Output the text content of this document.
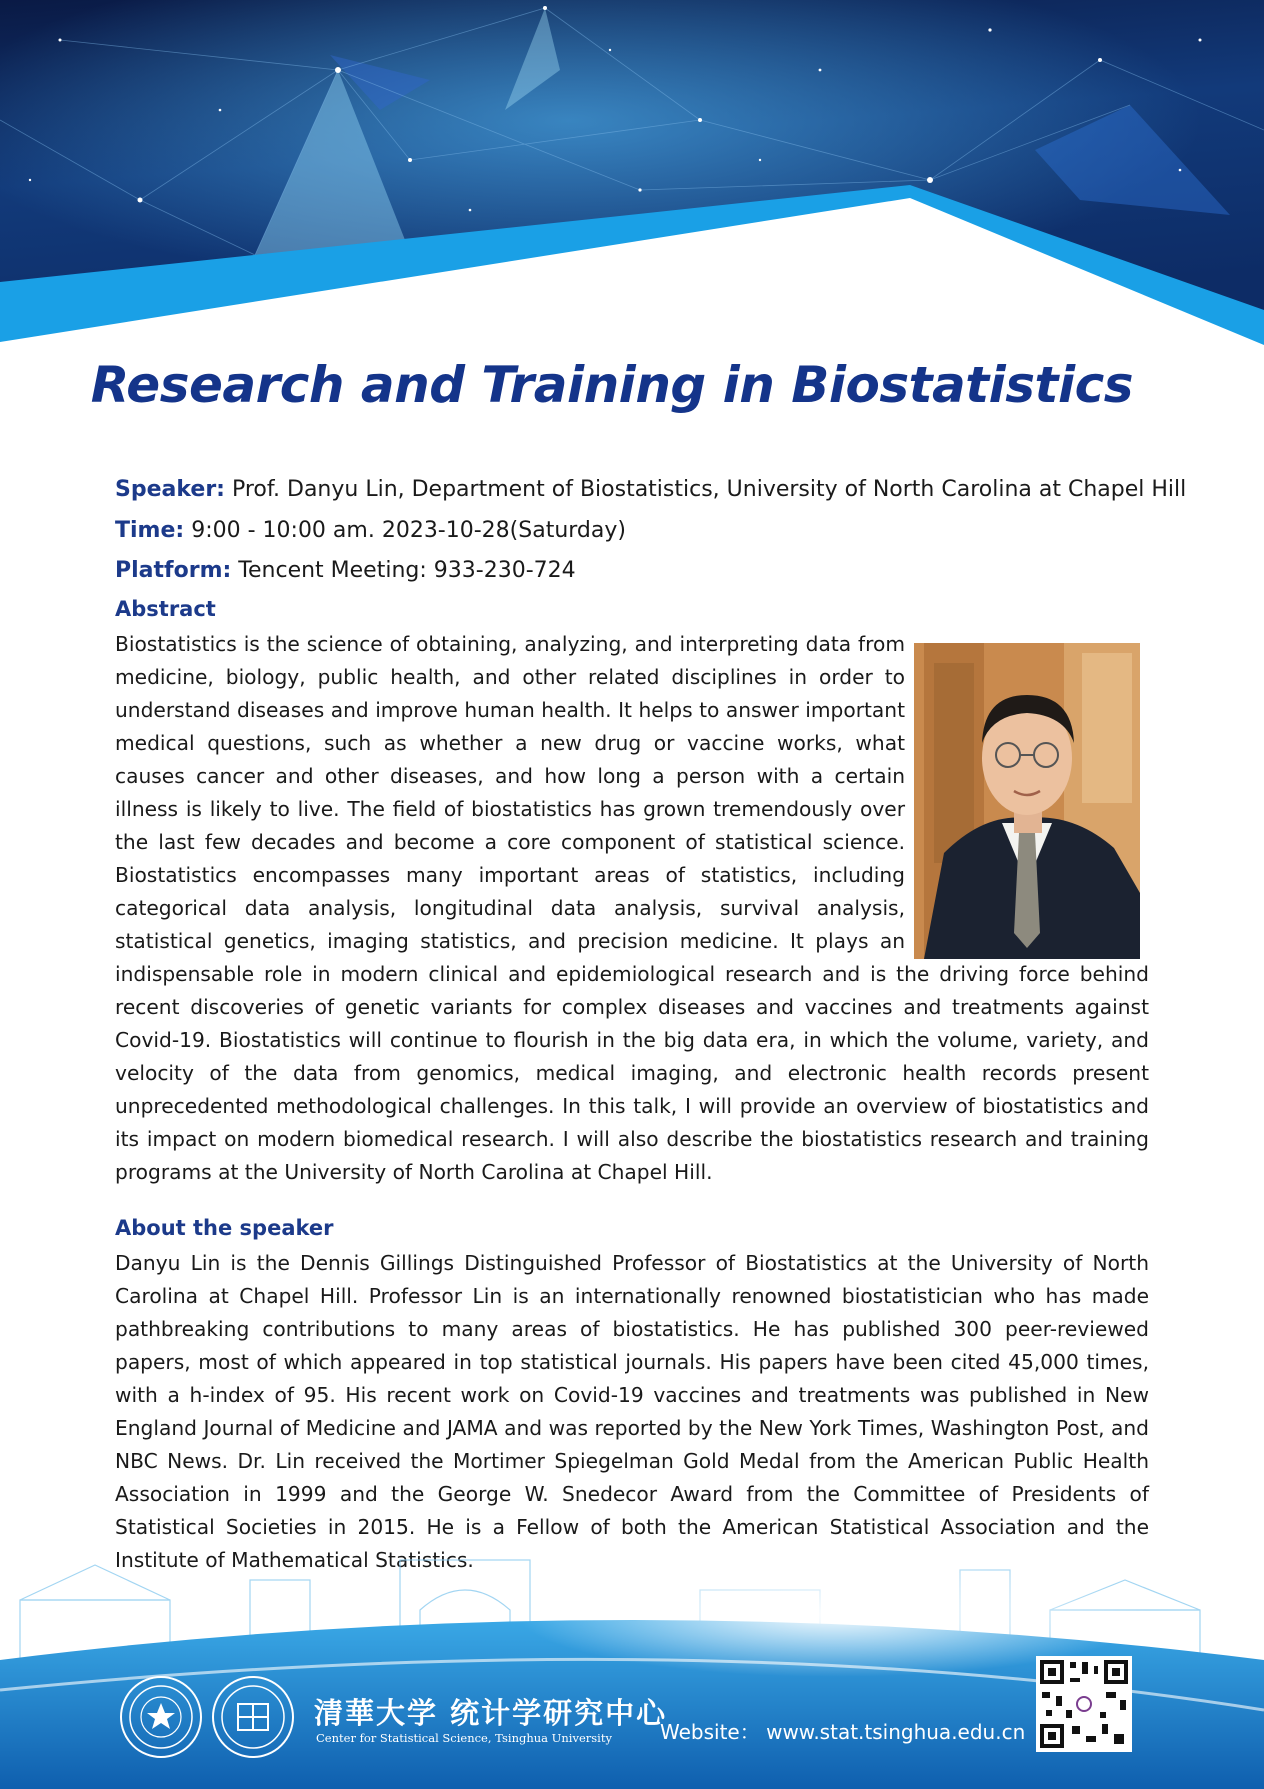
Research and Training in Biostatistics
Speaker: Prof. Danyu Lin, Department of Biostatistics, University of North Carolina at Chapel Hill
Time: 9:00 - 10:00 am. 2023-10-28(Saturday)
Platform: Tencent Meeting: 933-230-724
Abstract
Biostatistics is the science of obtaining, analyzing, and interpreting data from medicine, biology, public health, and other related disciplines in order to understand diseases and improve human health. It helps to answer important medical questions, such as whether a new drug or vaccine works, what causes cancer and other diseases, and how long a person with a certain illness is likely to live. The field of biostatistics has grown tremendously over the last few decades and become a core component of statistical science. Biostatistics encompasses many important areas of statistics, including categorical data analysis, longitudinal data analysis, survival analysis, statistical genetics, imaging statistics, and precision medicine. It plays an indispensable role in modern clinical and epidemiological research and is the driving force behind recent discoveries of genetic variants for complex diseases and vaccines and treatments against Covid-19. Biostatistics will continue to flourish in the big data era, in which the volume, variety, and velocity of the data from genomics, medical imaging, and electronic health records present unprecedented methodological challenges. In this talk, I will provide an overview of biostatistics and its impact on modern biomedical research. I will also describe the biostatistics research and training programs at the University of North Carolina at Chapel Hill.
About the speaker
Danyu Lin is the Dennis Gillings Distinguished Professor of Biostatistics at the University of North Carolina at Chapel Hill. Professor Lin is an internationally renowned biostatistician who has made pathbreaking contributions to many areas of biostatistics. He has published 300 peer-reviewed papers, most of which appeared in top statistical journals. His papers have been cited 45,000 times, with a h-index of 95. His recent work on Covid-19 vaccines and treatments was published in New England Journal of Medicine and JAMA and was reported by the New York Times, Washington Post, and NBC News. Dr. Lin received the Mortimer Spiegelman Gold Medal from the American Public Health Association in 1999 and the George W. Snedecor Award from the Committee of Presidents of Statistical Societies in 2015. He is a Fellow of both the American Statistical Association and the
清華大学 统计学研究中心
Center for Statistical Science, Tsinghua University Website： www.stat.tsinghua.edu.cn
